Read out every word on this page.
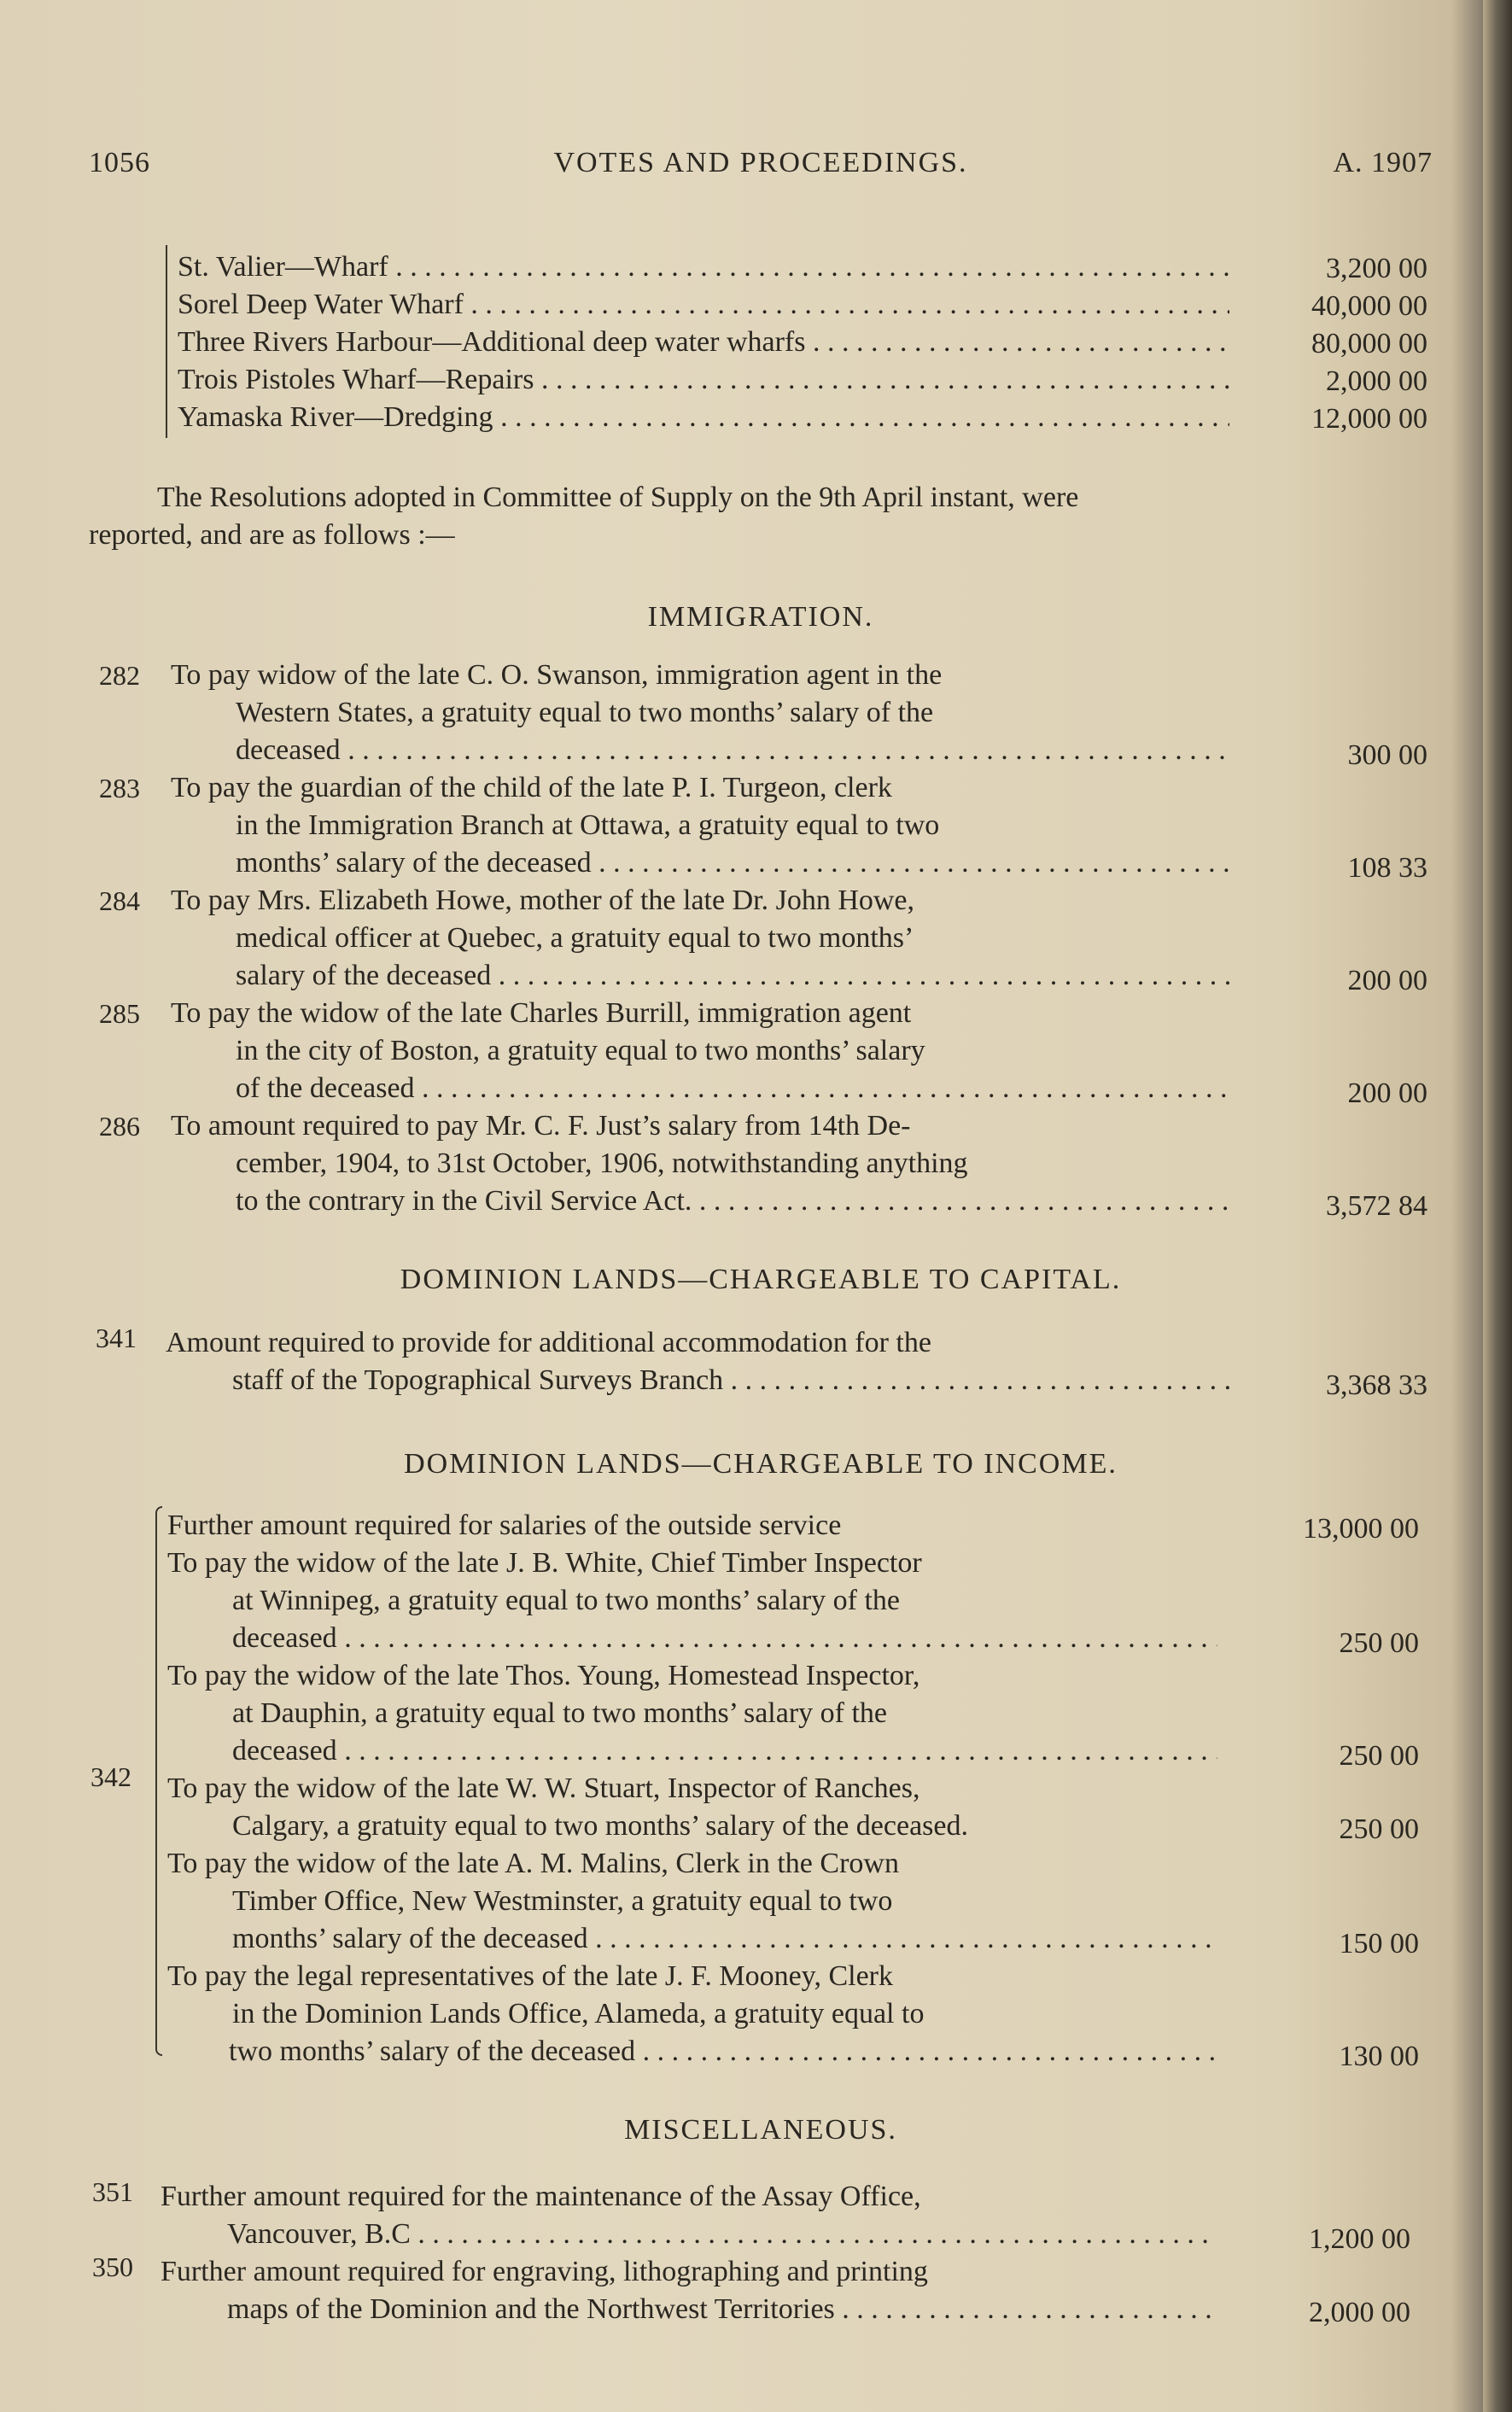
1056	VOTES AND PROCEEDINGS.	A. 1907
St. Valier—Wharf . . .	3,200 00
Sorel Deep Water Wharf . . .	40,000 00
Three Rivers Harbour—Additional deep water wharfs . . .	80,000 00
Trois Pistoles Wharf—Repairs . . .	2,000 00
Yamaska River—Dredging . . .	12,000 00
The Resolutions adopted in Committee of Supply on the 9th April instant, were
reported, and are as follows :—
IMMIGRATION.
282 To pay widow of the late C. O. Swanson, immigration agent in the
Western States, a gratuity equal to two months’ salary of the
deceased . . .	300 00
283 To pay the guardian of the child of the late P. I. Turgeon, clerk
in the Immigration Branch at Ottawa, a gratuity equal to two
months’ salary of the deceased . . .	108 33
284 To pay Mrs. Elizabeth Howe, mother of the late Dr. John Howe,
medical officer at Quebec, a gratuity equal to two months’
salary of the deceased . . .	200 00
285 To pay the widow of the late Charles Burrill, immigration agent
in the city of Boston, a gratuity equal to two months’ salary
of the deceased . . .	200 00
286 To amount required to pay Mr. C. F. Just’s salary from 14th De-
cember, 1904, to 31st October, 1906, notwithstanding anything
to the contrary in the Civil Service Act. . . .	3,572 84
DOMINION LANDS—CHARGEABLE TO CAPITAL.
341 Amount required to provide for additional accommodation for the
staff of the Topographical Surveys Branch . . .	3,368 33
DOMINION LANDS—CHARGEABLE TO INCOME.
342
Further amount required for salaries of the outside service	13,000 00
To pay the widow of the late J. B. White, Chief Timber Inspector
at Winnipeg, a gratuity equal to two months’ salary of the
deceased . . .	250 00
To pay the widow of the late Thos. Young, Homestead Inspector,
at Dauphin, a gratuity equal to two months’ salary of the
deceased . . .	250 00
To pay the widow of the late W. W. Stuart, Inspector of Ranches,
Calgary, a gratuity equal to two months’ salary of the deceased.	250 00
To pay the widow of the late A. M. Malins, Clerk in the Crown
Timber Office, New Westminster, a gratuity equal to two
months’ salary of the deceased . . .	150 00
To pay the legal representatives of the late J. F. Mooney, Clerk
in the Dominion Lands Office, Alameda, a gratuity equal to
two months’ salary of the deceased . . .	130 00
MISCELLANEOUS.
351 Further amount required for the maintenance of the Assay Office,
Vancouver, B.C . . .	1,200 00
350 Further amount required for engraving, lithographing and printing
maps of the Dominion and the Northwest Territories . . .	2,000 00
